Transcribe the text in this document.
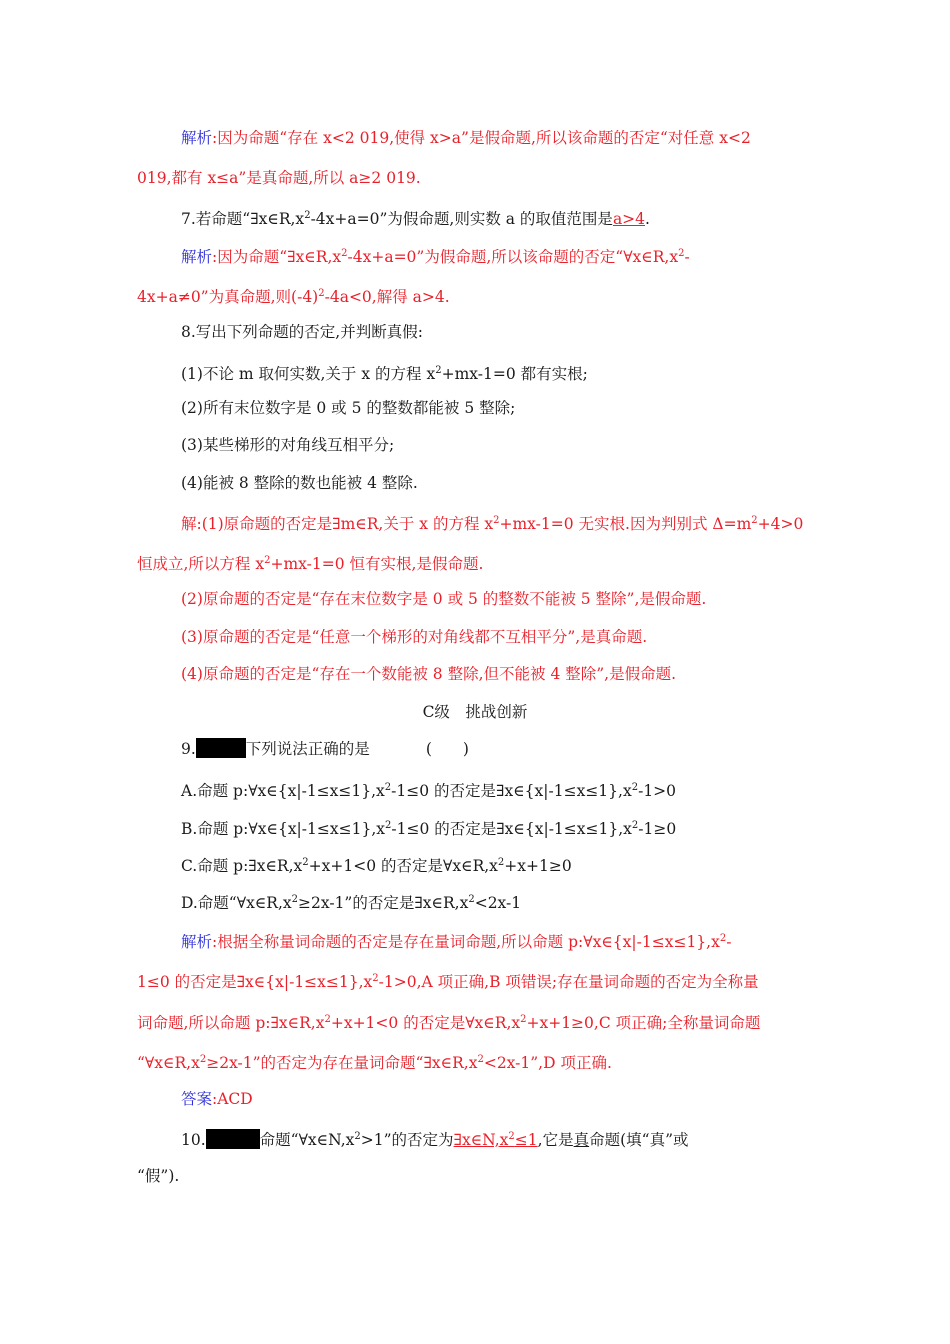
解析:因为命题“存在 x<2 019,使得 x>a”是假命题,所以该命题的否定“对任意 x<2
019,都有 x≤a”是真命题,所以 a≥2 019.
7.若命题“$\exists x\in R,x^2-4x+a=0$”为假命题,则实数 a 的取值范围是a>4.
解析:因为命题“$\exists x\in R,x^2-4x+a=0$”为假命题,所以该命题的否定“$\forall x\in R,x^2-$
4x+a≠0”为真命题,则$(-4)^2-4a<0$,解得 a>4.
8.写出下列命题的否定,并判断真假:
(1)不论 m 取何实数,关于 x 的方程 $x^2+mx-1=0$ 都有实根;
(2)所有末位数字是 0 或 5 的整数都能被 5 整除;
(3)某些梯形的对角线互相平分;
(4)能被 8 整除的数也能被 4 整除.
解:(1)原命题的否定是∃m∈R,关于 x 的方程 $x^2+mx-1=0$ 无实根.因为判别式 $\Delta=m^2+4>0$
恒成立,所以方程 $x^2+mx-1=0$ 恒有实根,是假命题.
(2)原命题的否定是“存在末位数字是 0 或 5 的整数不能被 5 整除”,是假命题.
(3)原命题的否定是“任意一个梯形的对角线都不互相平分”,是真命题.
(4)原命题的否定是“存在一个数能被 8 整除,但不能被 4 整除”,是假命题.
C级　挑战创新
9.	下列说法正确的是	(　　)
A.命题 $p:\forall x\in\{x|-1\le x\le 1\},x^2-1\le 0$ 的否定是$\exists x\in\{x|-1\le x\le 1\},x^2-1>0$
B.命题 $p:\forall x\in\{x|-1\le x\le 1\},x^2-1\le 0$ 的否定是$\exists x\in\{x|-1\le x\le 1\},x^2-1\ge 0$
C.命题 $p:\exists x\in R,x^2+x+1<0$ 的否定是$\forall x\in R,x^2+x+1\ge 0$
D.命题“$\forall x\in R,x^2\ge 2x-1$”的否定是$\exists x\in R,x^2<2x-1$
解析:根据全称量词命题的否定是存在量词命题,所以命题 $p:\forall x\in\{x|-1\le x\le 1\},x^2-$
1≤0 的否定是$\exists x\in\{x|-1\le x\le 1\},x^2-1>0,A$ 项正确,B 项错误;存在量词命题的否定为全称量
词命题,所以命题 $p:\exists x\in R,x^2+x+1<0$ 的否定是$\forall x\in R,x^2+x+1\ge 0,C$ 项正确;全称量词命题
“$\forall x\in R,x^2\ge 2x-1$”的否定为存在量词命题“$\exists x\in R,x^2<2x-1”,D$ 项正确.
答案:ACD
10.	命题“$\forall x\in N,x^2>1$”的否定为$\exists x\in N,x^2\le 1$,它是真命题(填“真”或
“假”).
